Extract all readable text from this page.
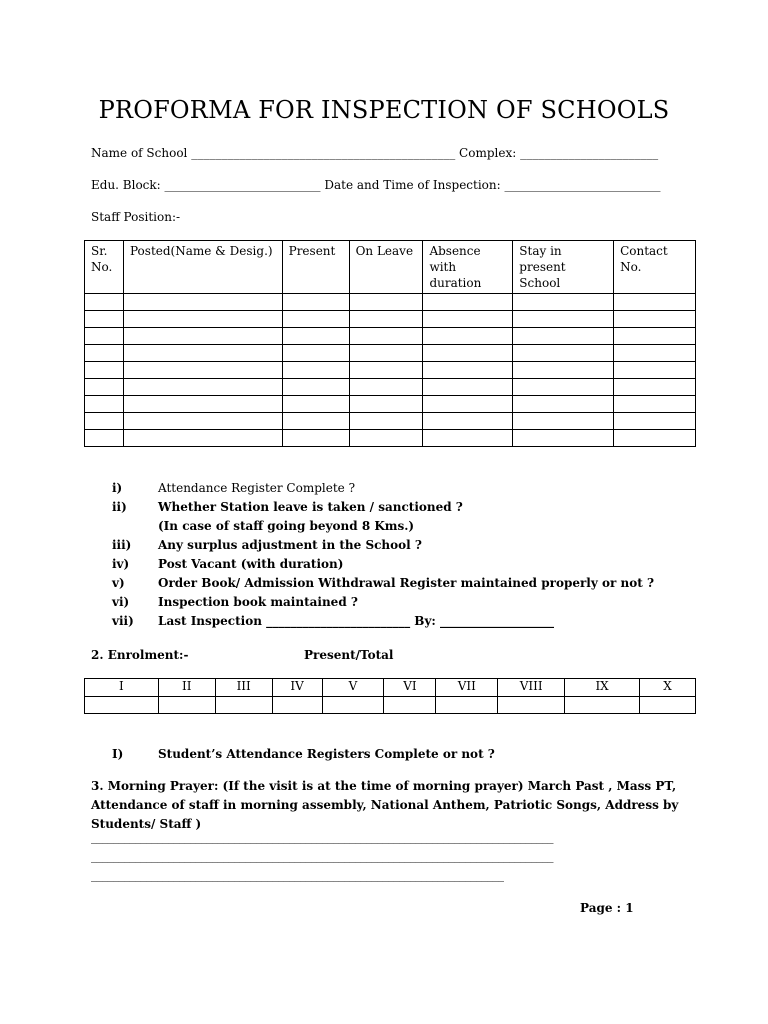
PROFORMA FOR INSPECTION OF SCHOOLS
Name of School ____________________________________________ Complex: _______________________
Edu. Block: __________________________ Date and Time of Inspection: __________________________
Staff Position:-
Sr. No.	Posted(Name & Desig.)	Present	On Leave	Absence with duration	Stay in present School	Contact No.

i)	Attendance Register Complete ?
ii)	Whether Station leave is taken / sanctioned ?
(In case of staff going beyond 8 Kms.)
iii) Any surplus adjustment in the School ?
iv) Post Vacant (with duration)
v)	Order Book/ Admission Withdrawal Register maintained properly or not ?
vi) Inspection book maintained ?
vii) Last Inspection ________________________ By: ___________________
2. Enrolment:-	Present/Total
I	II	III	IV	V	VI	VII	VIII	IX	X

I)	Student’s Attendance Registers Complete or not ?
3. Morning Prayer: (If the visit is at the time of morning prayer) March Past , Mass PT, Attendance of staff in morning assembly, National Anthem, Patriotic Songs, Address by Students/ Staff )
____________________________________________________________________________________
____________________________________________________________________________________
___________________________________________________________________________
Page : 1
